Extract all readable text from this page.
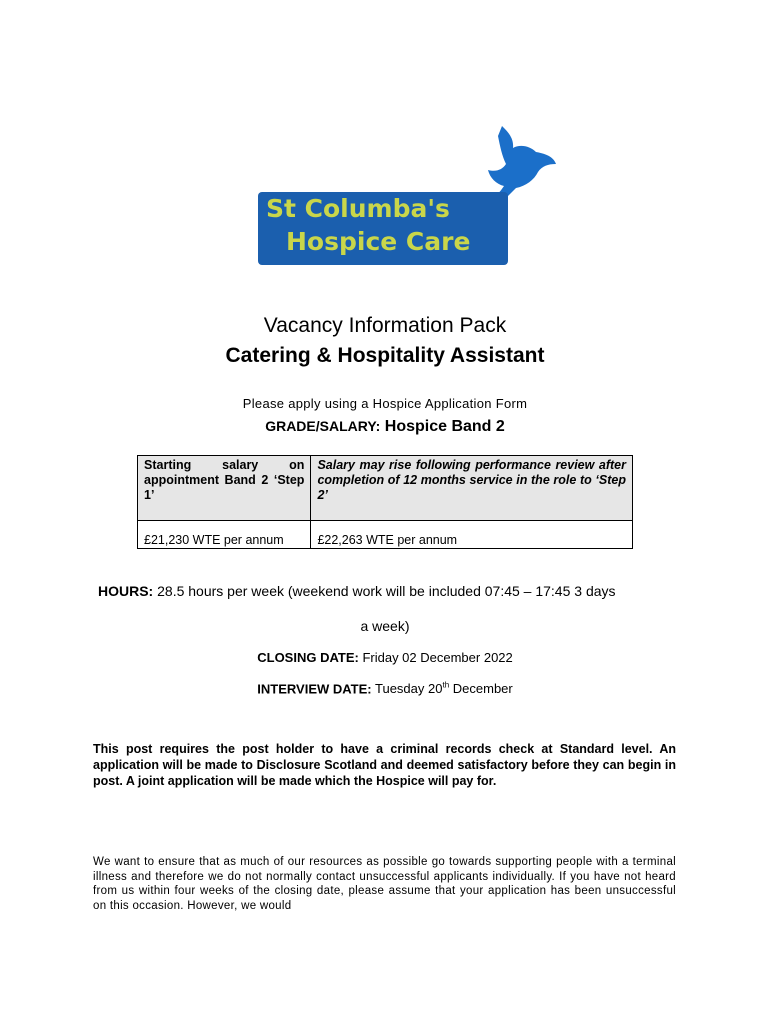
St Columba's
Hospice Care
Vacancy Information Pack
Catering & Hospitality Assistant
Please apply using a Hospice Application Form
GRADE/SALARY: Hospice Band 2
Starting salary on appointment Band 2 ‘Step 1’	Salary may rise following performance review after completion of 12 months service in the role to ‘Step 2’
£21,230 WTE per annum	£22,263 WTE per annum
HOURS: 28.5 hours per week (weekend work will be included 07:45 – 17:45 3 days
a week)
CLOSING DATE: Friday 02 December 2022
INTERVIEW DATE: Tuesday 20th December
This post requires the post holder to have a criminal records check at Standard level. An application will be made to Disclosure Scotland and deemed satisfactory before they can begin in post. A joint application will be made which the Hospice will pay for.
We want to ensure that as much of our resources as possible go towards supporting people with a terminal illness and therefore we do not normally contact unsuccessful applicants individually. If you have not heard from us within four weeks of the closing date, please assume that your application has been unsuccessful on this occasion. However, we would
